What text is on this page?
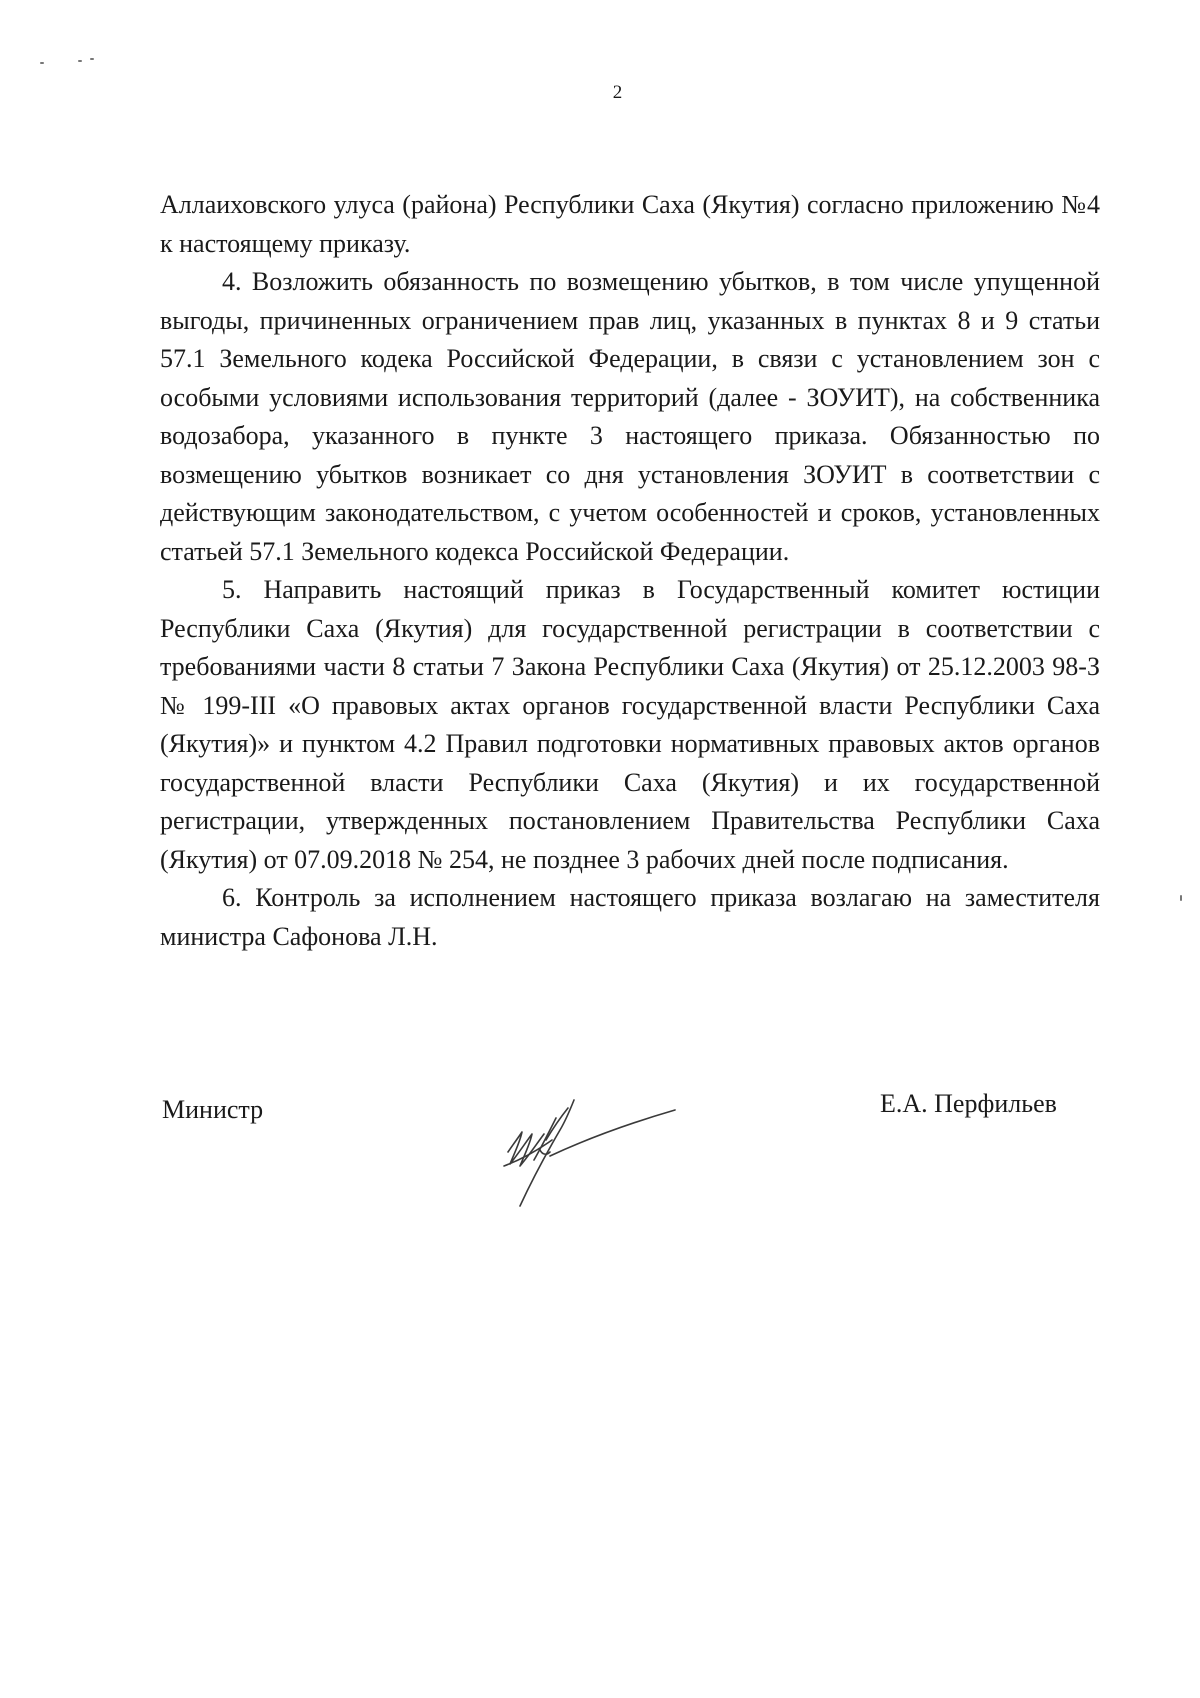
2

Аллаиховского улуса (района) Республики Саха (Якутия) согласно приложению №4 к настоящему приказу.

4. Возложить обязанность по возмещению убытков, в том числе упущенной выгоды, причиненных ограничением прав лиц, указанных в пунктах 8 и 9 статьи 57.1 Земельного кодека Российской Федерации, в связи с установлением зон с особыми условиями использования территорий (далее - ЗОУИТ), на собственника водозабора, указанного в пункте 3 настоящего приказа. Обязанностью по возмещению убытков возникает со дня установления ЗОУИТ в соответствии с действующим законодательством, с учетом особенностей и сроков, установленных статьей 57.1 Земельного кодекса Российской Федерации.

5. Направить настоящий приказ в Государственный комитет юстиции Республики Саха (Якутия) для государственной регистрации в соответствии с требованиями части 8 статьи 7 Закона Республики Саха (Якутия) от 25.12.2003 98-З № 199-III «О правовых актах органов государственной власти Республики Саха (Якутия)» и пунктом 4.2 Правил подготовки нормативных правовых актов органов государственной власти Республики Саха (Якутия) и их государственной регистрации, утвержденных постановлением Правительства Республики Саха (Якутия) от 07.09.2018 № 254, не позднее 3 рабочих дней после подписания.

6. Контроль за исполнением настоящего приказа возлагаю на заместителя министра Сафонова Л.Н.

Министр	Е.А. Перфильев
